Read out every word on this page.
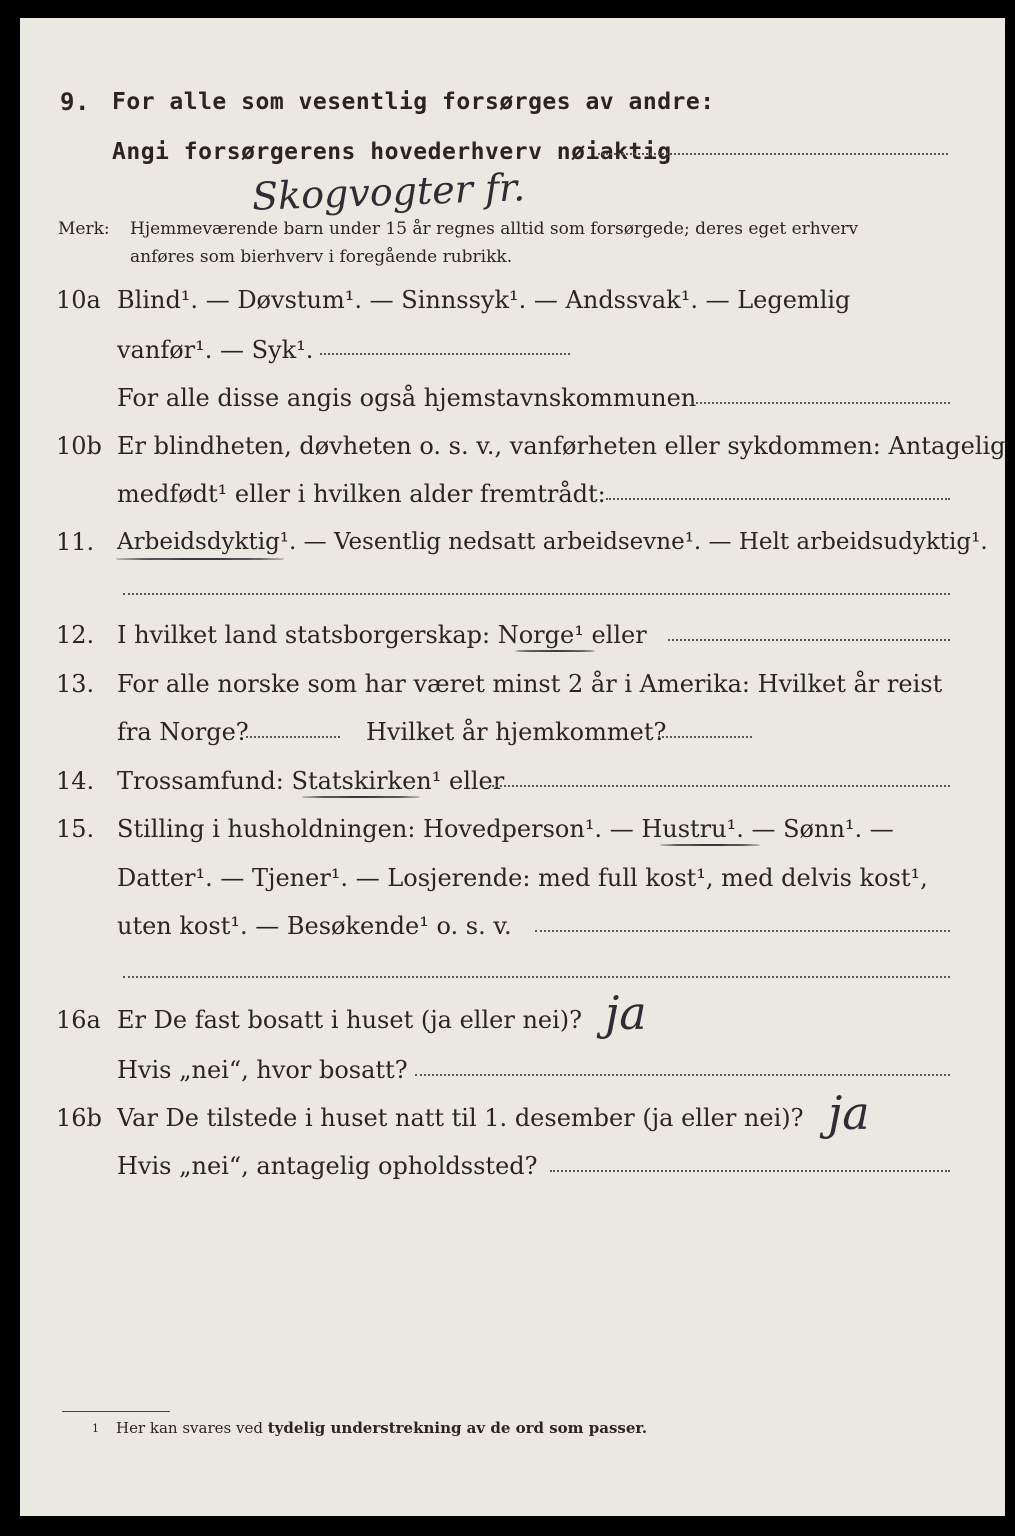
9. For alle som vesentlig forsørges av andre:
Angi forsørgerens hovederhverv nøiaktig
Skogvogter fr.
Merk: Hjemmeværende barn under 15 år regnes alltid som forsørgede; deres eget erhverv
anføres som bierhverv i foregående rubrikk.
10a Blind¹. — Døvstum¹. — Sinnssyk¹. — Andssvak¹. — Legemlig
vanfør¹. — Syk¹.
For alle disse angis også hjemstavnskommunen
10b Er blindheten, døvheten o. s. v., vanførheten eller sykdommen: Antagelig
medfødt¹ eller i hvilken alder fremtrådt:
11. Arbeidsdyktig¹. — Vesentlig nedsatt arbeidsevne¹. — Helt arbeidsudyktig¹.
12. I hvilket land statsborgerskap: Norge¹ eller
13. For alle norske som har været minst 2 år i Amerika: Hvilket år reist
fra Norge?	Hvilket år hjemkommet?
14. Trossamfund: Statskirken¹ eller
15. Stilling i husholdningen: Hovedperson¹. — Hustru¹. — Sønn¹. —
Datter¹. — Tjener¹. — Losjerende: med full kost¹, med delvis kost¹,
uten kost¹. — Besøkende¹ o. s. v.
16a Er De fast bosatt i huset (ja eller nei)? ja
Hvis „nei“, hvor bosatt?
16b Var De tilstede i huset natt til 1. desember (ja eller nei)? ja
Hvis „nei“, antagelig opholdssted?
1 Her kan svares ved tydelig understrekning av de ord som passer.
